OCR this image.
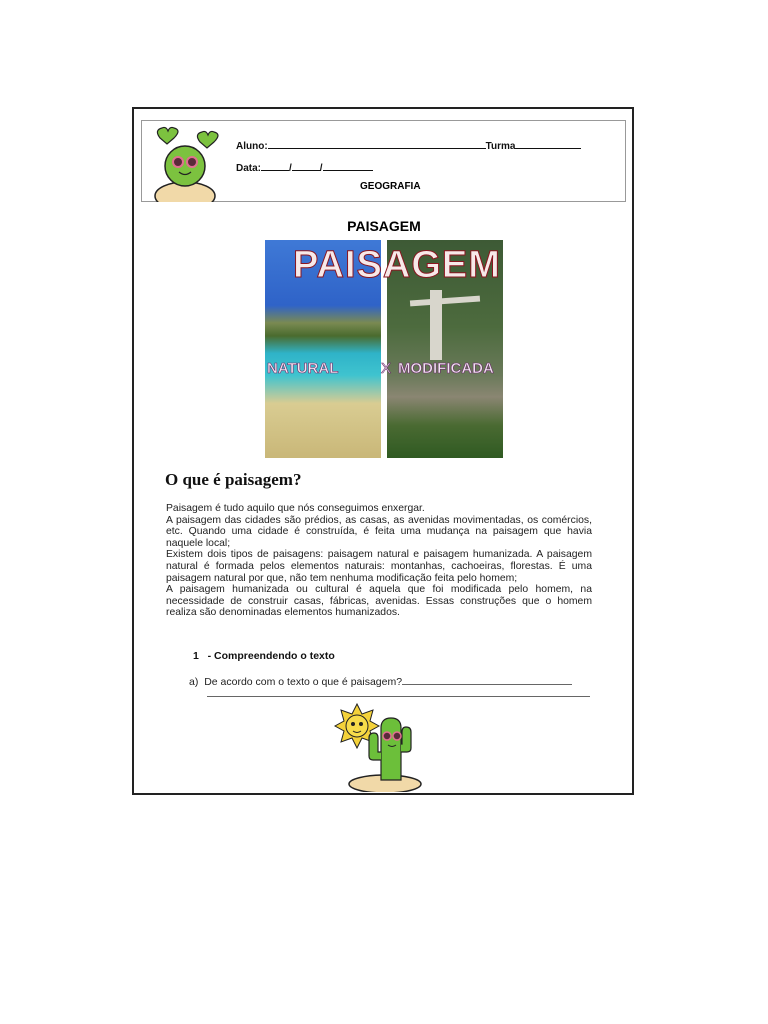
Aluno:	Turma
Data:	/	/
GEOGRAFIA
PAISAGEM
PAISAGEM
NATURAL	X MODIFICADA
O que é paisagem?

Paisagem é tudo aquilo que nós conseguimos enxergar.

A paisagem das cidades são prédios, as casas, as avenidas movimentadas, os comércios, etc. Quando uma cidade é construída, é feita uma mudança na paisagem que havia naquele local;

Existem dois tipos de paisagens: paisagem natural e paisagem humanizada. A paisagem natural é formada pelos elementos naturais: montanhas, cachoeiras, florestas. É uma paisagem natural por que, não tem nenhuma modificação feita pelo homem;

A paisagem humanizada ou cultural é aquela que foi modificada pelo homem, na necessidade de construir casas, fábricas, avenidas. Essas construções que o homem realiza são denominadas elementos humanizados.

1 - Compreendendo o texto
a) De acordo com o texto o que é paisagem?
